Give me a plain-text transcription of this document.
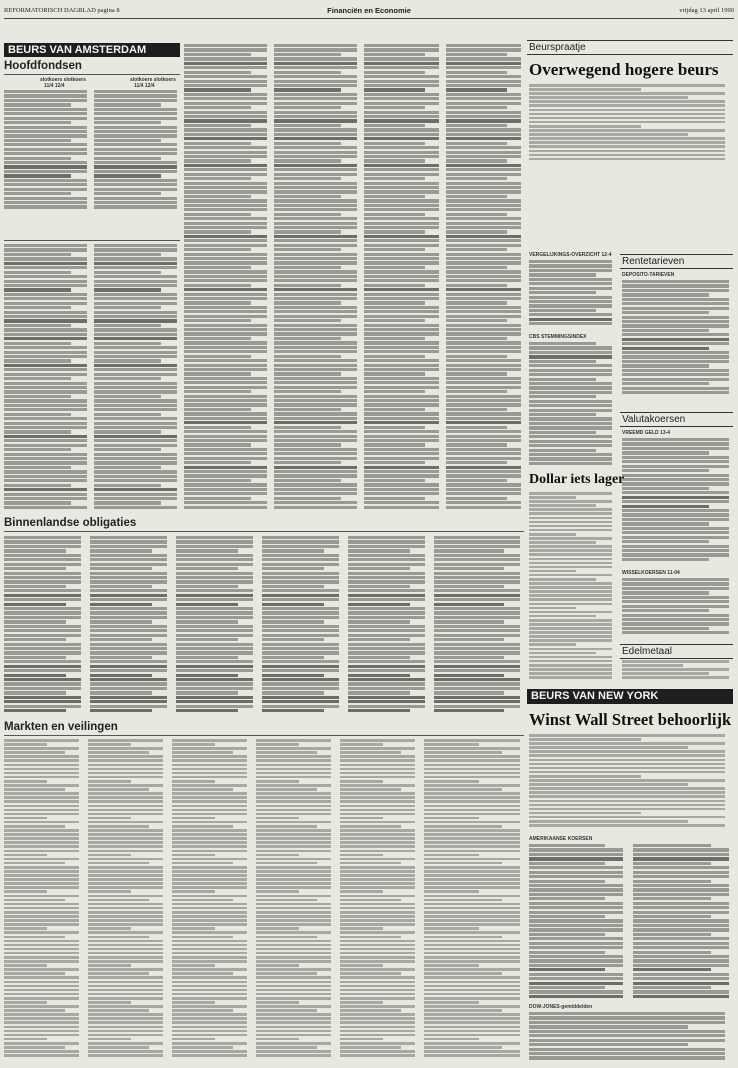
REFORMATORISCH DAGBLAD pagina 8	Financiën en Economie	vrijdag 13 april 1990
BEURS VAN AMSTERDAM
Hoofdfondsen
slotkoers slotkoers
11/4 12/4
slotkoers slotkoers
11/4 12/4
Binnenlandse obligaties
Markten en veilingen
Beurspraatje
Overwegend hogere beurs
VERGELIJKINGS-OVERZICHT 12-4
Rentetarieven
DEPOSITO-TARIEVEN
Valutakoersen
VREEMD GELD 13-4
WISSELKOERSEN 11-04
Edelmetaal
CBS STEMMINGSINDEX
Dollar iets lager
BEURS VAN NEW YORK
Winst Wall Street behoorlijk
AMERIKAANSE KOERSEN
DOW-JONES-gemiddelden
